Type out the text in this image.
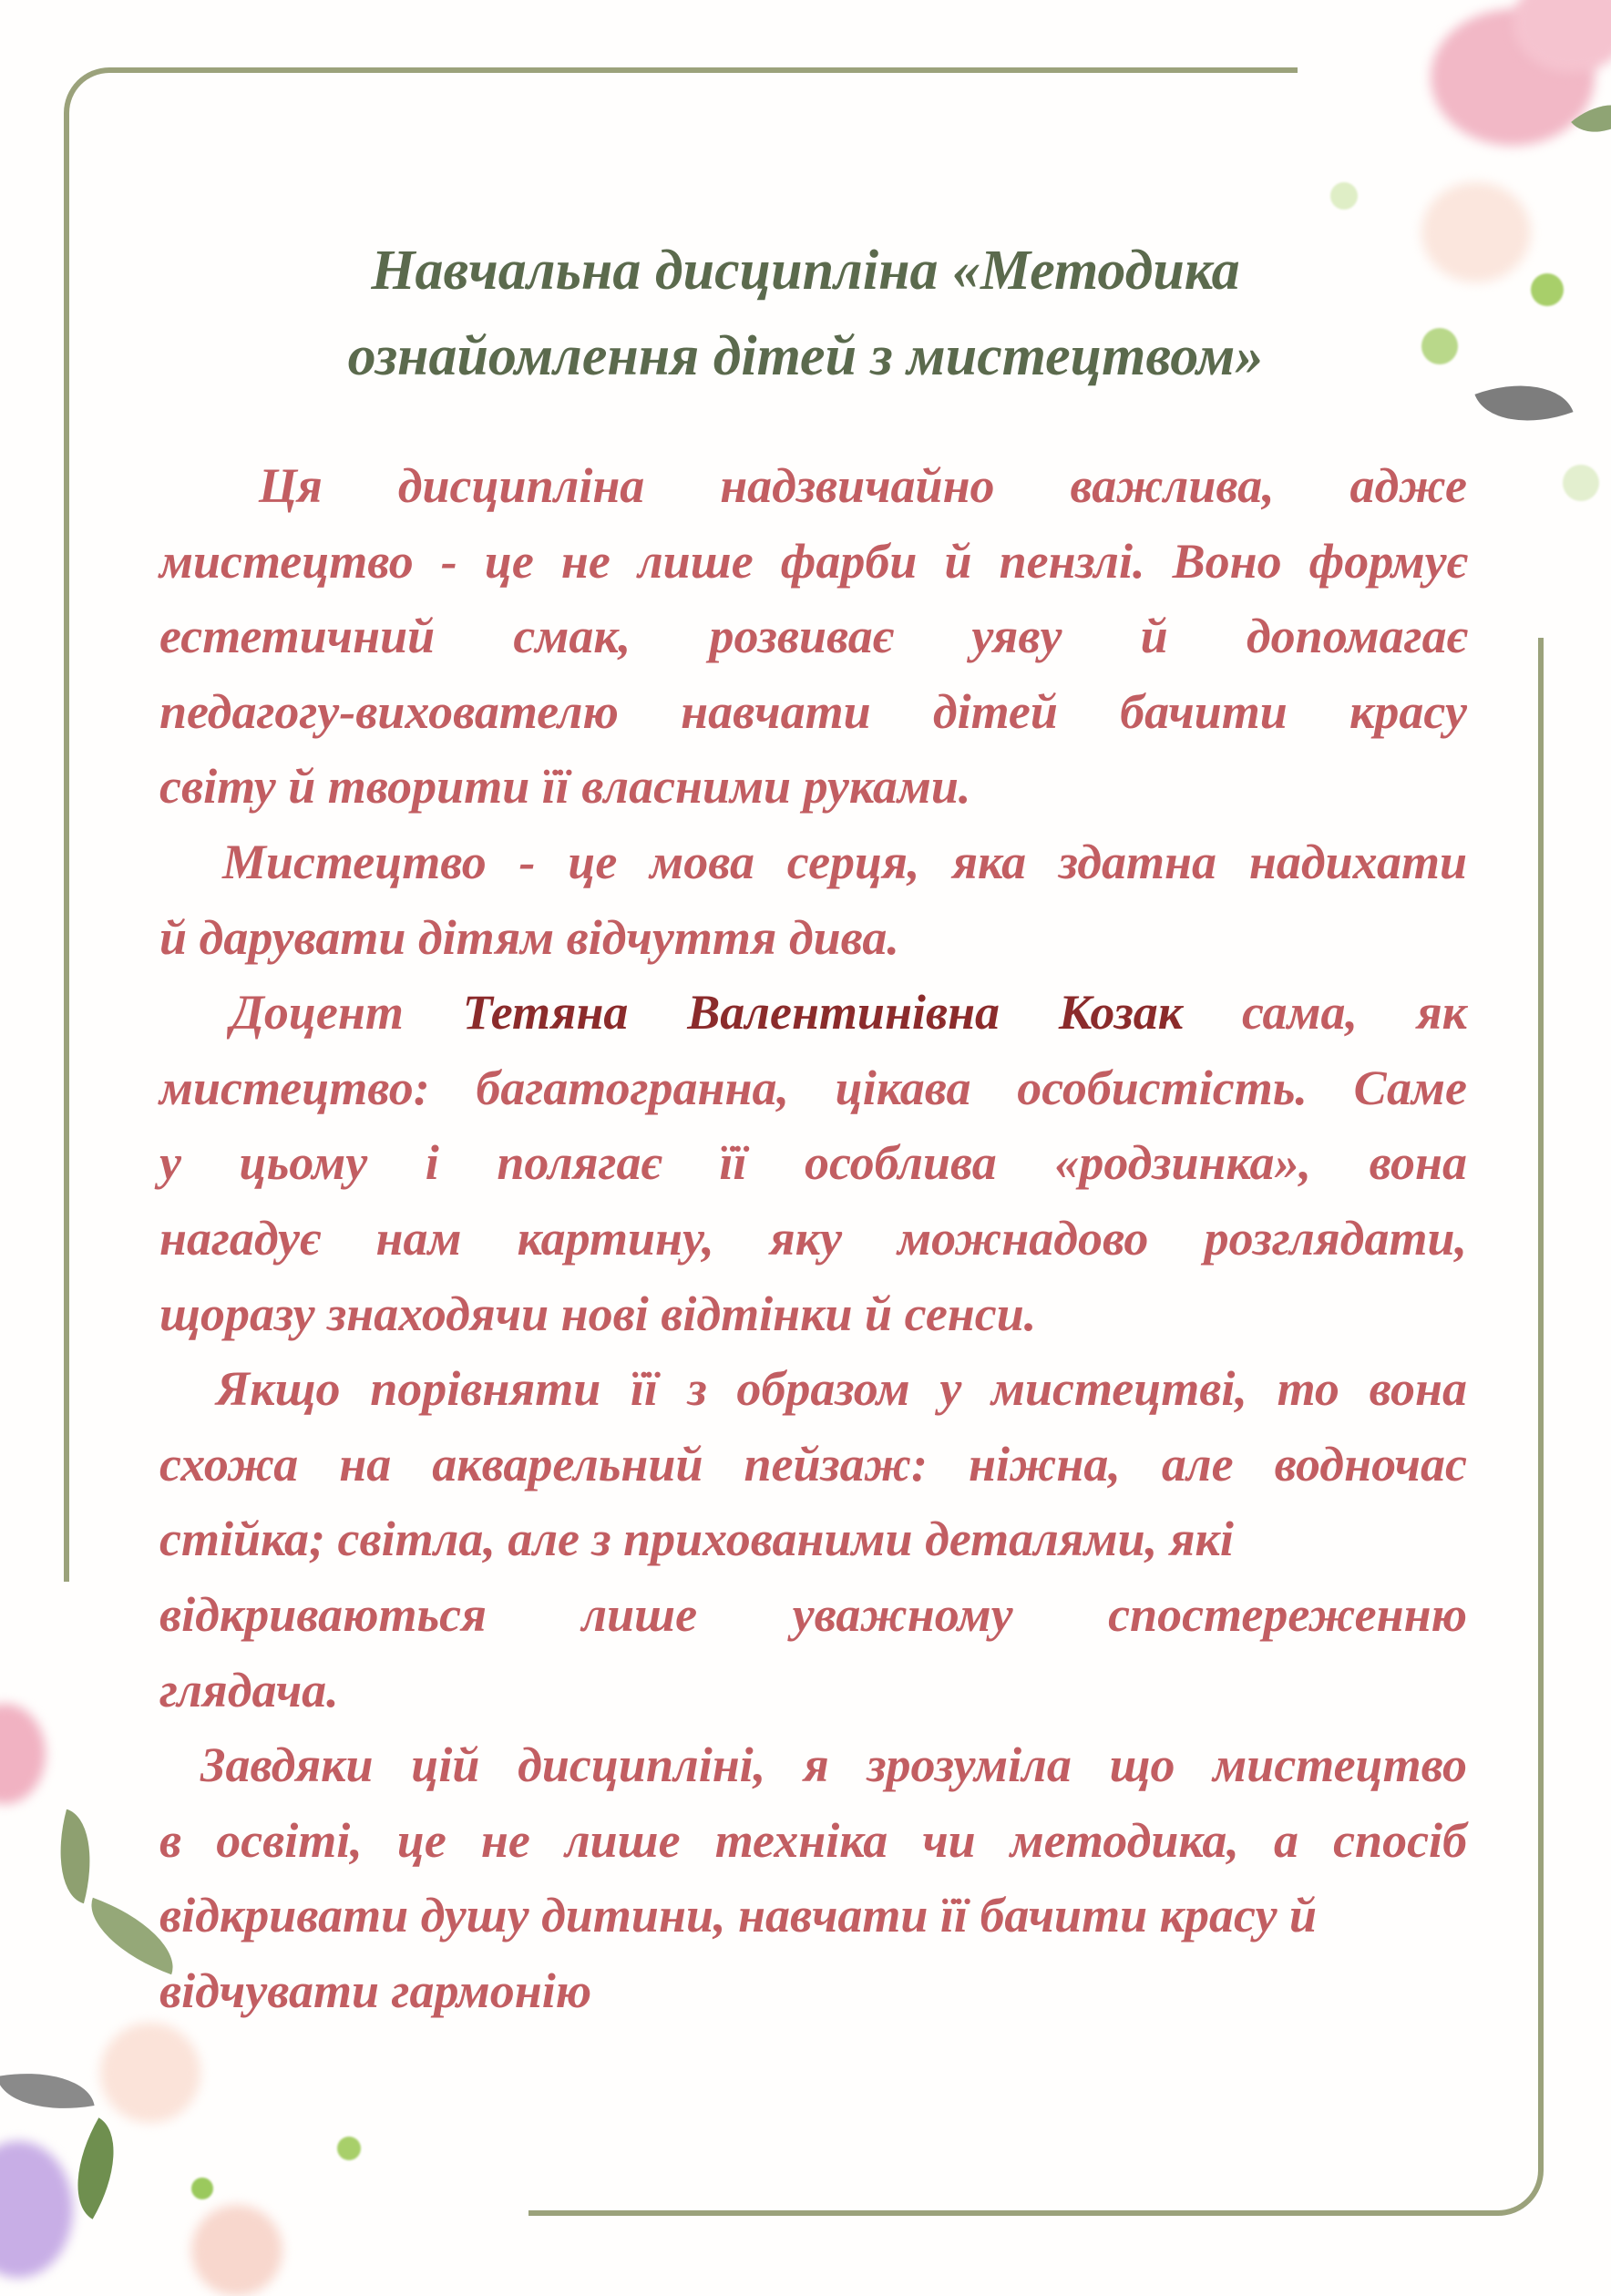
Навчальна дисципліна «Методика
ознайомлення дітей з мистецтвом»
Ця дисципліна надзвичайно важлива, адже
мистецтво - це не лише фарби й пензлі. Воно формує
естетичний смак, розвиває уяву й допомагає
педагогу-вихователю навчати дітей бачити красу
світу й творити її власними руками.
Мистецтво - це мова серця, яка здатна надихати
й дарувати дітям відчуття дива.
Доцент Тетяна Валентинівна Козак сама, як
мистецтво: багатогранна, цікава особистість. Саме
у цьому і полягає її особлива «родзинка», вона
нагадує нам картину, яку можнадово розглядати,
щоразу знаходячи нові відтінки й сенси.
Якщо порівняти її з образом у мистецтві, то вона
схожа на акварельний пейзаж: ніжна, але водночас
стійка; світла, але з прихованими деталями, які
відкриваються лише уважному спостереженню
глядача.
Завдяки цій дисципліні, я зрозуміла що мистецтво
в освіті, це не лише техніка чи методика, а спосіб
відкривати душу дитини, навчати її бачити красу й
відчувати гармонію
